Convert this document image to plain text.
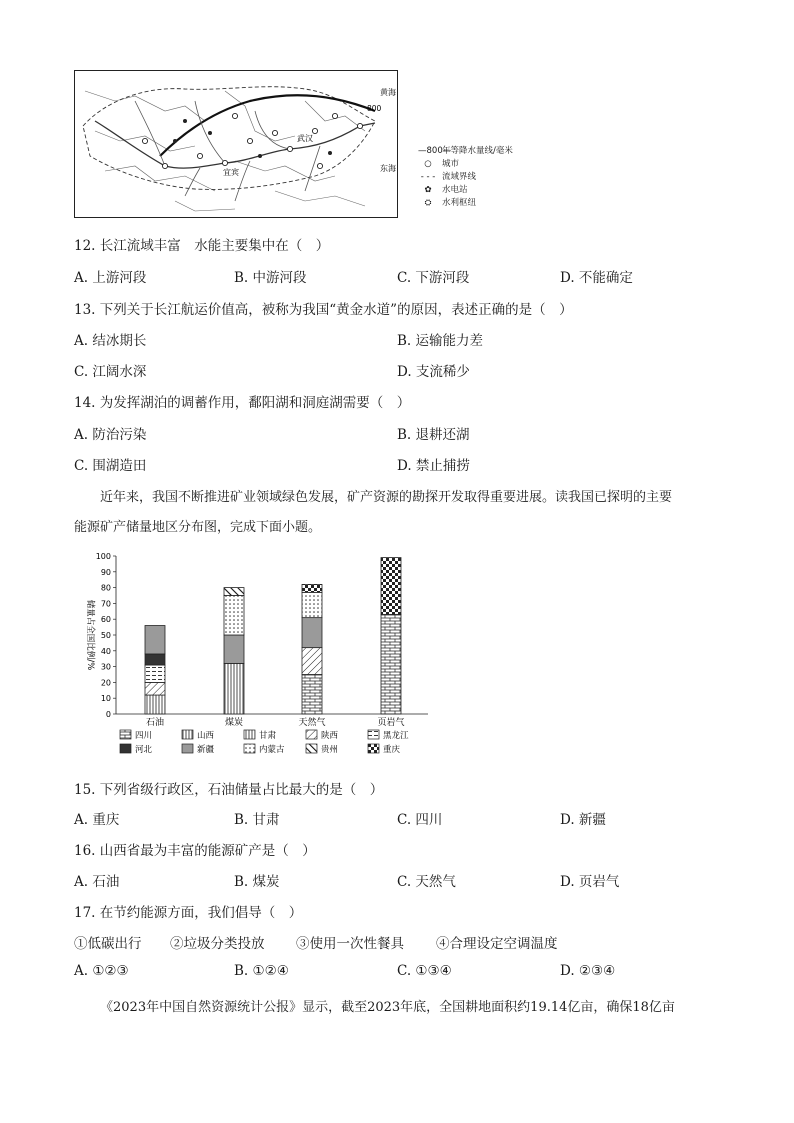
黄海
东海
武汉
宜宾
800
—800—
年等降水量线/毫米
○	城市
- - - 流域界线
✿	水电站
⛭	水利枢纽
12. 长江流域丰富　水能主要集中在（　）
A. 上游河段	B. 中游河段	C. 下游河段	D. 不能确定
13. 下列关于长江航运价值高，被称为我国“黄金水道”的原因，表述正确的是（　）
A. 结冰期长	B. 运输能力差
C. 江阔水深	D. 支流稀少
14. 为发挥湖泊的调蓄作用，鄱阳湖和洞庭湖需要（　）
A. 防治污染	B. 退耕还湖
C. 围湖造田	D. 禁止捕捞
近年来，我国不断推进矿业领域绿色发展，矿产资源的勘探开发取得重要进展。读我国已探明的主要
能源矿产储量地区分布图，完成下面小题。
0
10
20
30
40
50
60
70
80
90
100
储量占全国比例/%
石油	煤炭	天然气	页岩气
四川	山西	甘肃	陕西	黑龙江
河北	新疆	内蒙古	贵州	重庆
15. 下列省级行政区，石油储量占比最大的是（　）
A. 重庆	B. 甘肃	C. 四川	D. 新疆
16. 山西省最为丰富的能源矿产是（　）
A. 石油	B. 煤炭	C. 天然气	D. 页岩气
17. 在节约能源方面，我们倡导（　）
①低碳出行 ②垃圾分类投放 ③使用一次性餐具 ④合理设定空调温度
A. ①②③	B. ①②④	C. ①③④	D. ②③④
《2023年中国自然资源统计公报》显示，截至2023年底，全国耕地面积约19.14亿亩，确保18亿亩
